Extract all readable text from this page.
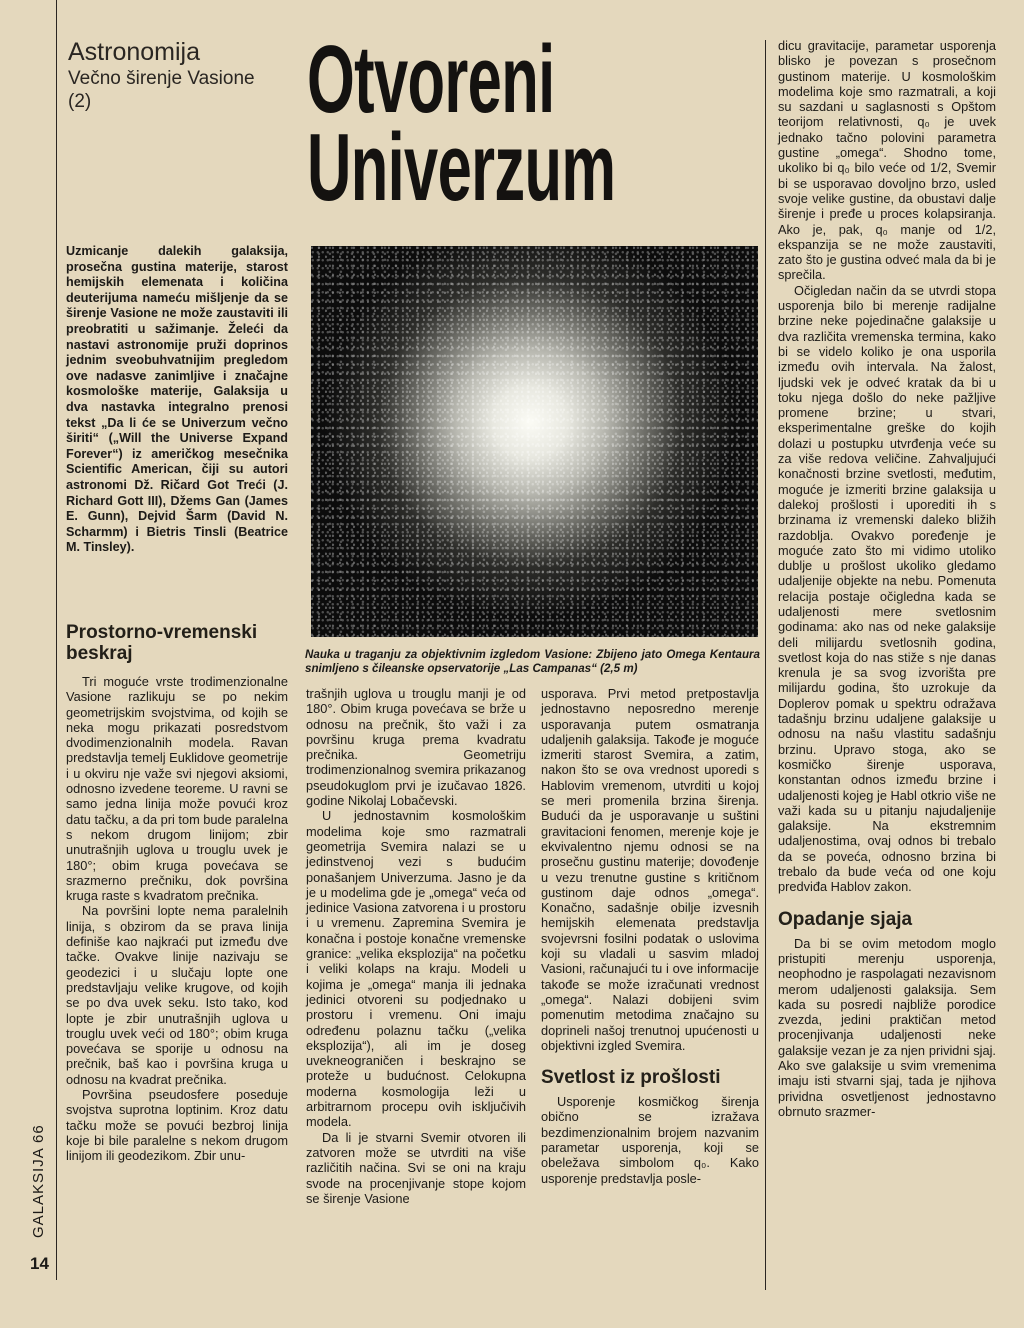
GALAKSIJA 66
14
Astronomija
Večno širenje Vasione
(2) Otvoreni
Univerzum
Uzmicanje dalekih galaksija, prosečna gustina materije, starost hemijskih elemenata i količina deuterijuma nameću mišljenje da se širenje Vasione ne može zaustaviti ili preobratiti u sažimanje. Želeći da nastavi astronomije pruži doprinos jednim sveobuhvatnijim pregledom ove nadasve zanimljive i značajne kosmološke materije, Galaksija u dva nastavka integralno prenosi tekst „Da li će se Univerzum večno širiti“ („Will the Universe Expand Forever“) iz američkog mesečnika Scientific American, čiji su autori astronomi Dž. Ričard Got Treći (J. Richard Gott III), Džems Gan (James E. Gunn), Dejvid Šarm (David N. Scharmm) i Bietris Tinsli (Beatrice M. Tinsley).
Nauka u traganju za objektivnim izgledom Vasione: Zbijeno jato Omega Kentaura snimljeno s čileanske opservatorije „Las Campanas“ (2,5 m)
Prostorno-vremenski beskraj

Tri moguće vrste trodimenzionalne Vasione razlikuju se po nekim geometrijskim svojstvima, od kojih se neka mogu prikazati posredstvom dvodimenzionalnih modela. Ravan predstavlja temelj Euklidove geometrije i u okviru nje važe svi njegovi aksiomi, odnosno izvedene teoreme. U ravni se samo jedna linija može povući kroz datu tačku, a da pri tom bude paralelna s nekom drugom linijom; zbir unutrašnjih uglova u trouglu uvek je 180°; obim kruga povećava se srazmerno prečniku, dok površina kruga raste s kvadratom prečnika.

Na površini lopte nema paralelnih linija, s obzirom da se prava linija definiše kao najkraći put između dve tačke. Ovakve linije nazivaju se geodezici i u slučaju lopte one predstavljaju velike krugove, od kojih se po dva uvek seku. Isto tako, kod lopte je zbir unutrašnjih uglova u trouglu uvek veći od 180°; obim kruga povećava se sporije u odnosu na prečnik, baš kao i površina kruga u odnosu na kvadrat prečnika.

Površina pseudosfere poseduje svojstva suprotna loptinim. Kroz datu tačku može se povući bezbroj linija koje bi bile paralelne s nekom drugom linijom ili geodezikom. Zbir unu-

trašnjih uglova u trouglu manji je od 180°. Obim kruga povećava se brže u odnosu na prečnik, što važi i za površinu kruga prema kvadratu prečnika. Geometriju trodimenzionalnog svemira prikazanog pseudokuglom prvi je izučavao 1826. godine Nikolaj Lobačevski.

U jednostavnim kosmološkim modelima koje smo razmatrali geometrija Svemira nalazi se u jedinstvenoj vezi s budućim ponašanjem Univerzuma. Jasno je da je u modelima gde je „omega“ veća od jedinice Vasiona zatvorena i u prostoru i u vremenu. Zapremina Svemira je konačna i postoje konačne vremenske granice: „velika eksplozija“ na početku i veliki kolaps na kraju. Modeli u kojima je „omega“ manja ili jednaka jedinici otvoreni su podjednako u prostoru i vremenu. Oni imaju određenu polaznu tačku („velika eksplozija“), ali im je doseg uvekneograničen i beskrajno se proteže u budućnost. Celokupna moderna kosmologija leži u arbitrarnom procepu ovih isključivih modela.

Da li je stvarni Svemir otvoren ili zatvoren može se utvrditi na više različitih načina. Svi se oni na kraju svode na procenjivanje stope kojom se širenje Vasione

usporava. Prvi metod pretpostavlja jednostavno neposredno merenje usporavanja putem osmatranja udaljenih galaksija. Takođe je moguće izmeriti starost Svemira, a zatim, nakon što se ova vrednost uporedi s Hablovim vremenom, utvrditi u kojoj se meri promenila brzina širenja. Budući da je usporavanje u suštini gravitacioni fenomen, merenje koje je ekvivalentno njemu odnosi se na prosečnu gustinu materije; dovođenje u vezu trenutne gustine s kritičnom gustinom daje odnos „omega“. Konačno, sadašnje obilje izvesnih hemijskih elemenata predstavlja svojevrsni fosilni podatak o uslovima koji su vladali u sasvim mladoj Vasioni, računajući tu i ove informacije takođe se može izračunati vrednost „omega“. Nalazi dobijeni svim pomenutim metodima značajno su doprineli našoj trenutnoj upućenosti u objektivni izgled Svemira.

Svetlost iz prošlosti

Usporenje kosmičkog širenja obično se izražava bezdimenzionalnim brojem nazvanim parametar usporenja, koji se obeležava simbolom q₀. Kako usporenje predstavlja posle-

dicu gravitacije, parametar usporenja blisko je povezan s prosečnom gustinom materije. U kosmološkim modelima koje smo razmatrali, a koji su sazdani u saglasnosti s Opštom teorijom relativnosti, q₀ je uvek jednako tačno polovini parametra gustine „omega“. Shodno tome, ukoliko bi q₀ bilo veće od 1/2, Svemir bi se usporavao dovoljno brzo, usled svoje velike gustine, da obustavi dalje širenje i pređe u proces kolapsiranja. Ako je, pak, q₀ manje od 1/2, ekspanzija se ne može zaustaviti, zato što je gustina odveć mala da bi je sprečila.

Očigledan način da se utvrdi stopa usporenja bilo bi merenje radijalne brzine neke pojedinačne galaksije u dva različita vremenska termina, kako bi se videlo koliko je ona usporila između ovih intervala. Na žalost, ljudski vek je odveć kratak da bi u toku njega došlo do neke pažljive promene brzine; u stvari, eksperimentalne greške do kojih dolazi u postupku utvrđenja veće su za više redova veličine. Zahvaljujući konačnosti brzine svetlosti, međutim, moguće je izmeriti brzine galaksija u dalekoj prošlosti i uporediti ih s brzinama iz vremenski daleko bližih razdoblja. Ovakvo poređenje je moguće zato što mi vidimo utoliko dublje u prošlost ukoliko gledamo udaljenije objekte na nebu. Pomenuta relacija postaje očigledna kada se udaljenosti mere svetlosnim godinama: ako nas od neke galaksije deli milijardu svetlosnih godina, svetlost koja do nas stiže s nje danas krenula je sa svog izvorišta pre milijardu godina, što uzrokuje da Doplerov pomak u spektru odražava tadašnju brzinu udaljene galaksije u odnosu na našu vlastitu sadašnju brzinu. Upravo stoga, ako se kosmičko širenje usporava, konstantan odnos između brzine i udaljenosti kojeg je Habl otkrio više ne važi kada su u pitanju najudaljenije galaksije. Na ekstremnim udaljenostima, ovaj odnos bi trebalo da se poveća, odnosno brzina bi trebalo da bude veća od one koju predviđa Hablov zakon.

Opadanje sjaja

Da bi se ovim metodom moglo pristupiti merenju usporenja, neophodno je raspolagati nezavisnom merom udaljenosti galaksija. Sem kada su posredi najbliže porodice zvezda, jedini praktičan metod procenjivanja udaljenosti neke galaksije vezan je za njen prividni sjaj. Ako sve galaksije u svim vremenima imaju isti stvarni sjaj, tada je njihova prividna osvetljenost jednostavno obrnuto srazmer-
